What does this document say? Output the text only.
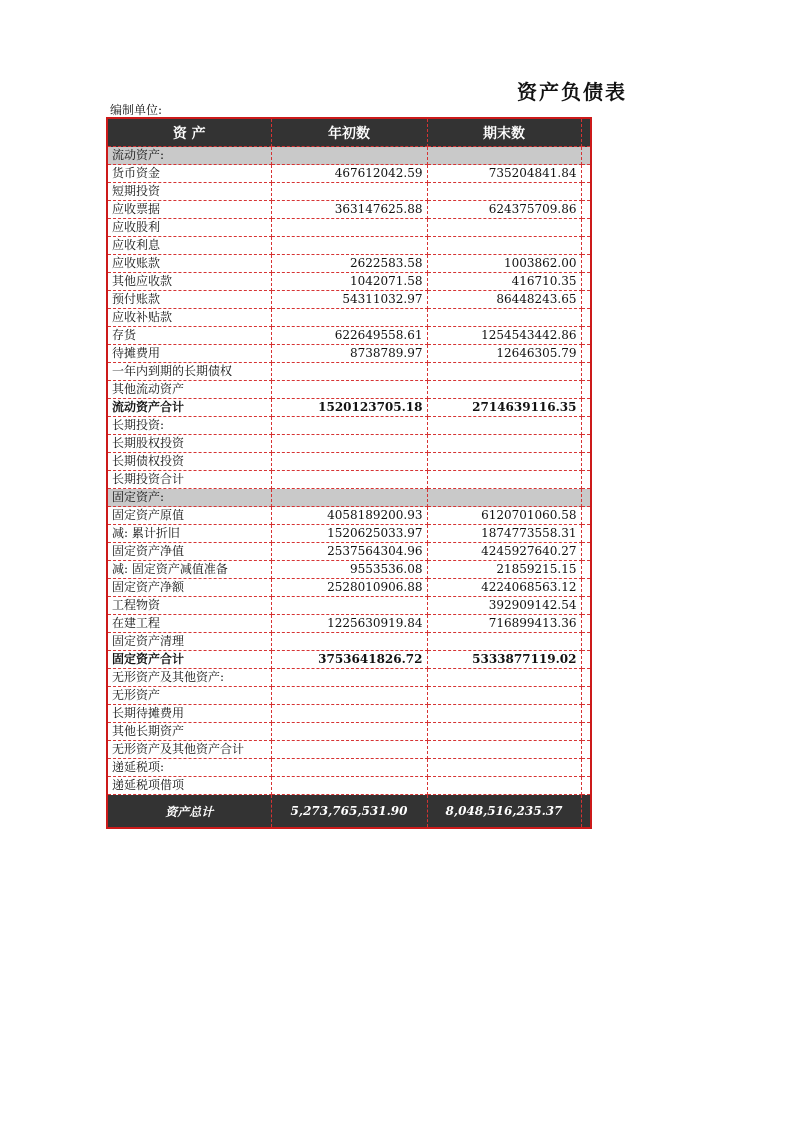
资产负债表
编制单位:
资 产	年初数	期末数	
流动资产:			
货币资金	467612042.59	735204841.84	
短期投资			
应收票据	363147625.88	624375709.86	
应收股利			
应收利息			
应收账款	2622583.58	1003862.00	
其他应收款	1042071.58	416710.35	
预付账款	54311032.97	86448243.65	
应收补贴款			
存货	622649558.61	1254543442.86	
待摊费用	8738789.97	12646305.79	
一年内到期的长期债权			
其他流动资产			
流动资产合计	1520123705.18	2714639116.35	
长期投资:			
长期股权投资			
长期债权投资			
长期投资合计			
固定资产:			
固定资产原值	4058189200.93	6120701060.58	
减: 累计折旧	1520625033.97	1874773558.31	
固定资产净值	2537564304.96	4245927640.27	
减: 固定资产减值准备	9553536.08	21859215.15	
固定资产净额	2528010906.88	4224068563.12	
工程物资		392909142.54	
在建工程	1225630919.84	716899413.36	
固定资产清理			
固定资产合计	3753641826.72	5333877119.02	
无形资产及其他资产:			
无形资产			
长期待摊费用			
其他长期资产			
无形资产及其他资产合计			
递延税项:			
递延税项借项			
资产总计	5,273,765,531.90	8,048,516,235.37	
